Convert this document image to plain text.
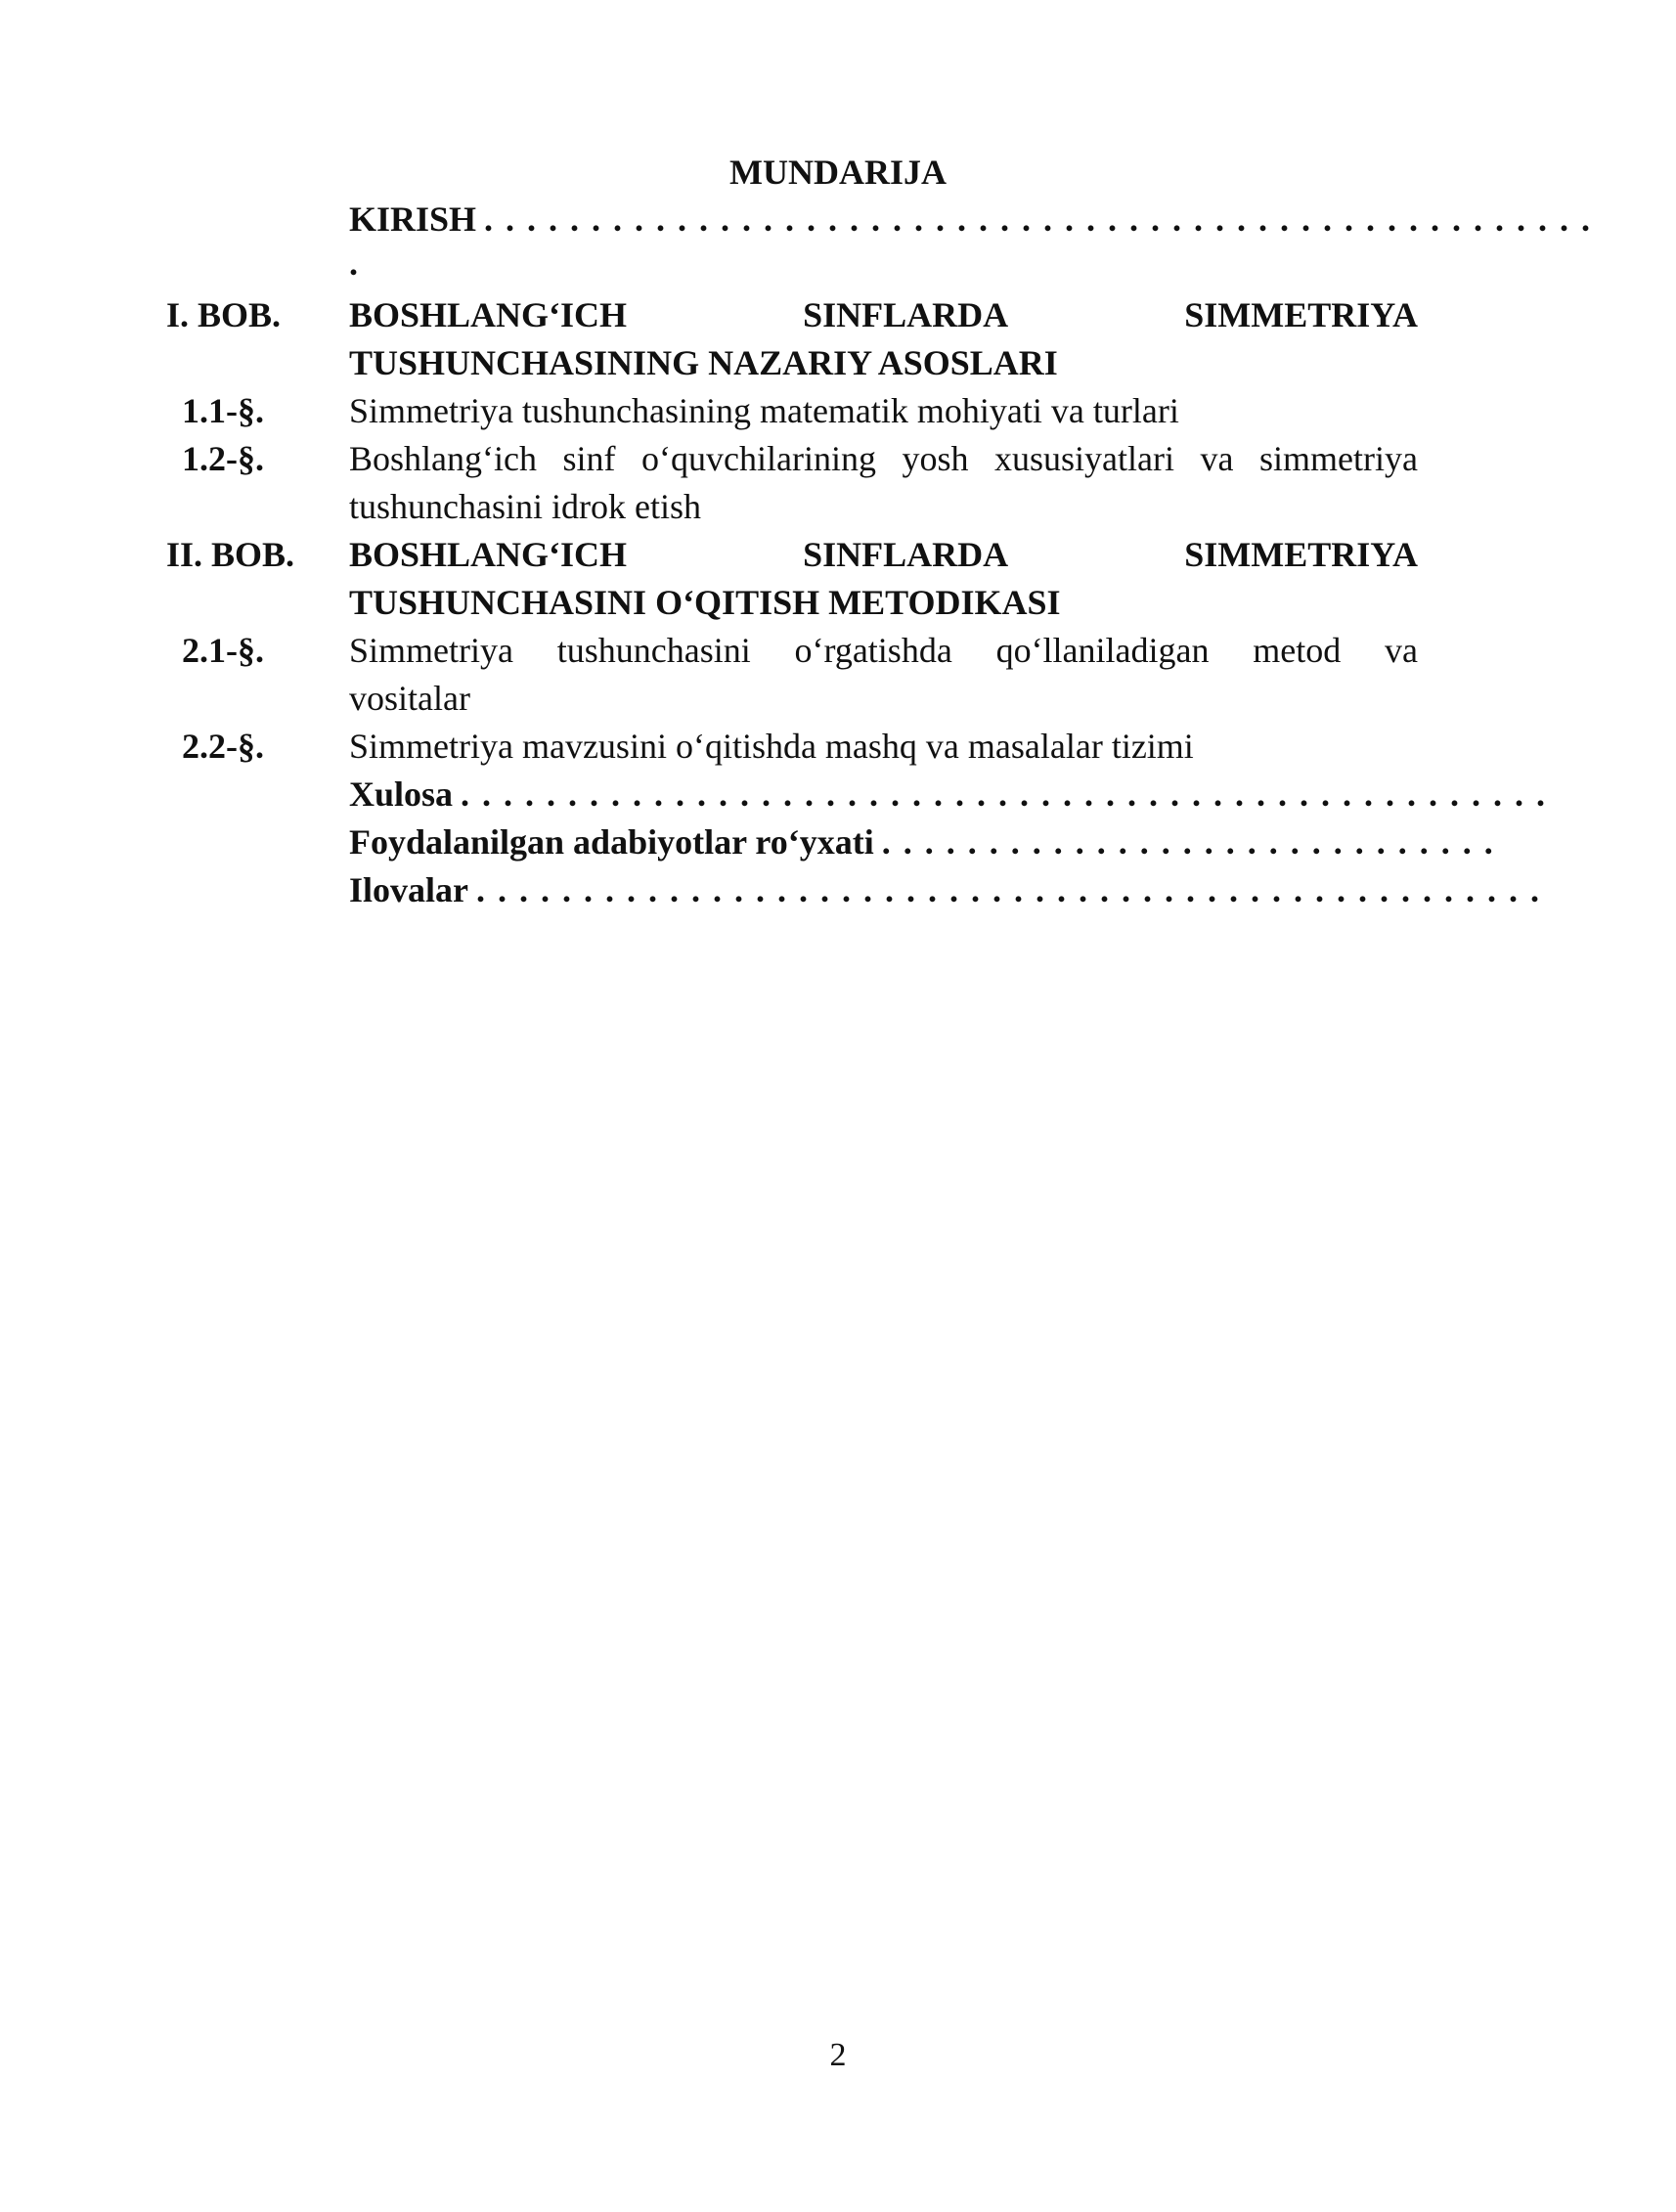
MUNDARIJA
KIRISH . . . . . . . . . . . . . . . . . . . . . . . . . . . . . . . . . . . . . . . . . . . . . . . . . . . .
.
I. BOB. BOSHLANG‘ICH	SINFLARDA	SIMMETRIYA
TUSHUNCHASINING NAZARIY ASOSLARI
1.1-§. Simmetriya tushunchasining matematik mohiyati va turlari
1.2-§. Boshlang‘ich sinf o‘quvchilarining yosh xususiyatlari va simmetriya
tushunchasini idrok etish
II. BOB. BOSHLANG‘ICH	SINFLARDA	SIMMETRIYA
TUSHUNCHASINI O‘QITISH METODIKASI
2.1-§. Simmetriya tushunchasini o‘rgatishda qo‘llaniladigan metod va
vositalar
2.2-§. Simmetriya mavzusini o‘qitishda mashq va masalalar tizimi
Xulosa . . . . . . . . . . . . . . . . . . . . . . . . . . . . . . . . . . . . . . . . . . . . . . . . . . .
Foydalanilgan adabiyotlar ro‘yxati . . . . . . . . . . . . . . . . . . . . . . . . . . . . .
Ilovalar . . . . . . . . . . . . . . . . . . . . . . . . . . . . . . . . . . . . . . . . . . . . . . . . . .
2
